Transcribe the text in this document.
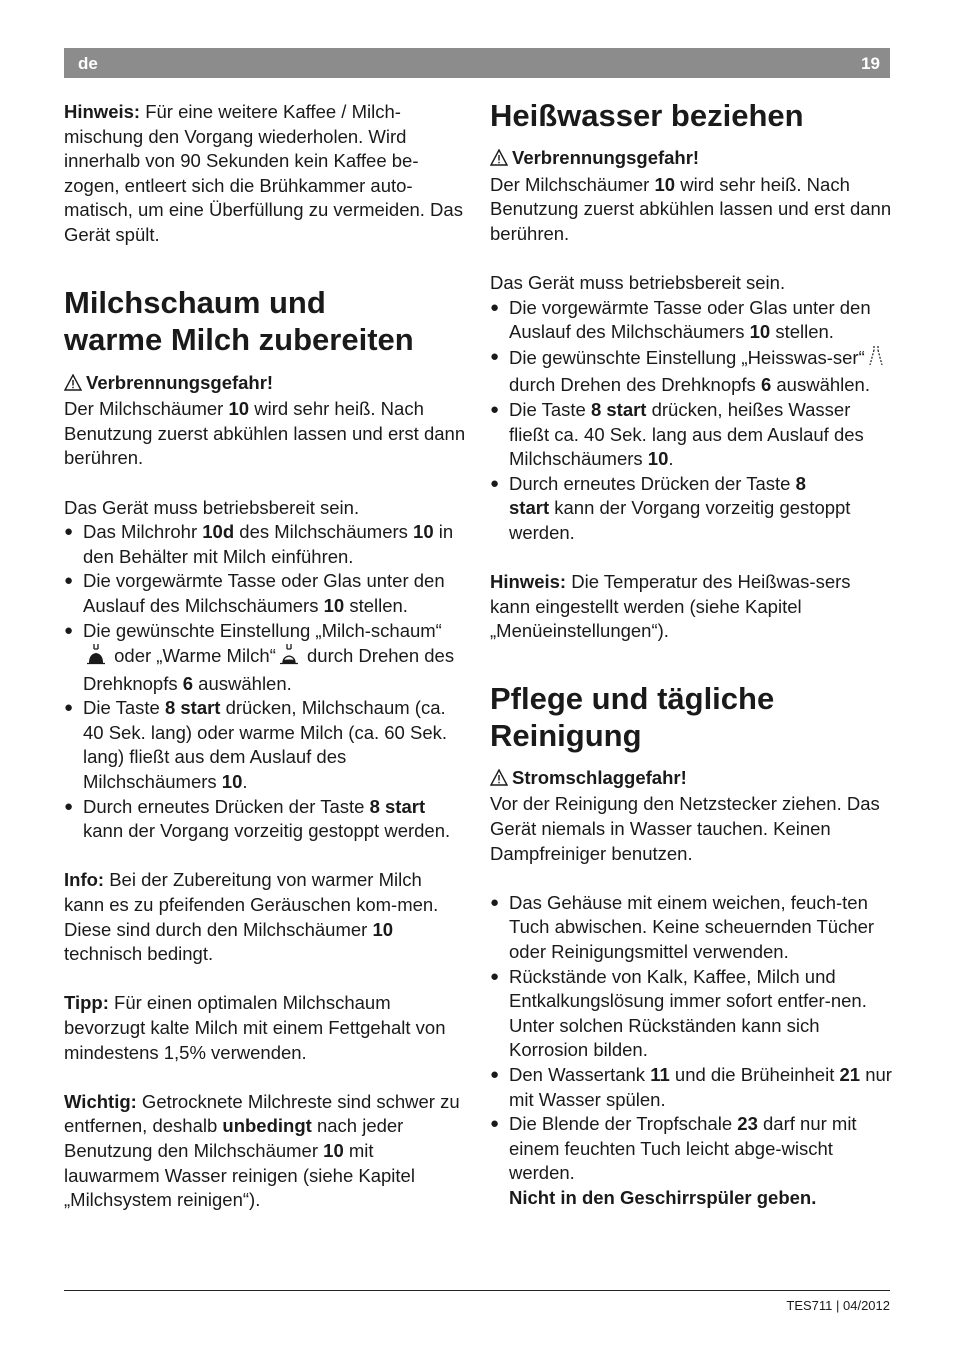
de	19

Hinweis: Für eine weitere Kaffee / Milch-mischung den Vorgang wiederholen. Wird innerhalb von 90 Sekunden kein Kaffee be-zogen, entleert sich die Brühkammer auto-matisch, um eine Überfüllung zu vermeiden. Das Gerät spült.

Milchschaum und
warme Milch zubereiten
Verbrennungsgefahr!

Der Milchschäumer 10 wird sehr heiß. Nach Benutzung zuerst abkühlen lassen und erst dann berühren.

Das Gerät muss betriebsbereit sein.

● Das Milchrohr 10d des Milchschäumers 10 in den Behälter mit Milch einführen.
● Die vorgewärmte Tasse oder Glas unter den Auslauf des Milchschäumers 10 stellen.
● Die gewünschte Einstellung „Milch-schaum“ oder „Warme Milch“ durch Drehen des Drehknopfs 6 auswählen.
● Die Taste 8 start drücken, Milchschaum (ca. 40 Sek. lang) oder warme Milch (ca. 60 Sek. lang) fließt aus dem Auslauf des Milchschäumers 10.
● Durch erneutes Drücken der Taste 8 start kann der Vorgang vorzeitig gestoppt werden.

Info: Bei der Zubereitung von warmer Milch kann es zu pfeifenden Geräuschen kom-men. Diese sind durch den Milchschäumer 10 technisch bedingt.

Tipp: Für einen optimalen Milchschaum bevorzugt kalte Milch mit einem Fettgehalt von mindestens 1,5% verwenden.

Wichtig: Getrocknete Milchreste sind schwer zu entfernen, deshalb unbedingt nach jeder Benutzung den Milchschäumer 10 mit lauwarmem Wasser reinigen (siehe Kapitel „Milchsystem reinigen“).

Heißwasser beziehen
Verbrennungsgefahr!

Der Milchschäumer 10 wird sehr heiß. Nach Benutzung zuerst abkühlen lassen und erst dann berühren.

Das Gerät muss betriebsbereit sein.

● Die vorgewärmte Tasse oder Glas unter den Auslauf des Milchschäumers 10 stellen.
● Die gewünschte Einstellung „Heisswas-ser“ durch Drehen des Drehknopfs 6 auswählen.
● Die Taste 8 start drücken, heißes Wasser fließt ca. 40 Sek. lang aus dem Auslauf des Milchschäumers 10.
● Durch erneutes Drücken der Taste 8
start kann der Vorgang vorzeitig gestoppt werden.

Hinweis: Die Temperatur des Heißwas-sers kann eingestellt werden (siehe Kapitel „Menüeinstellungen“).

Pflege und tägliche
Reinigung
Stromschlaggefahr!

Vor der Reinigung den Netzstecker ziehen. Das Gerät niemals in Wasser tauchen. Keinen Dampfreiniger benutzen.

● Das Gehäuse mit einem weichen, feuch-ten Tuch abwischen. Keine scheuernden Tücher oder Reinigungsmittel verwenden.
● Rückstände von Kalk, Kaffee, Milch und Entkalkungslösung immer sofort entfer-nen. Unter solchen Rückständen kann sich Korrosion bilden.
● Den Wassertank 11 und die Brüheinheit 21 nur mit Wasser spülen.
● Die Blende der Tropfschale 23 darf nur mit einem feuchten Tuch leicht abge-wischt werden.
Nicht in den Geschirrspüler geben.
TES711 | 04/2012
